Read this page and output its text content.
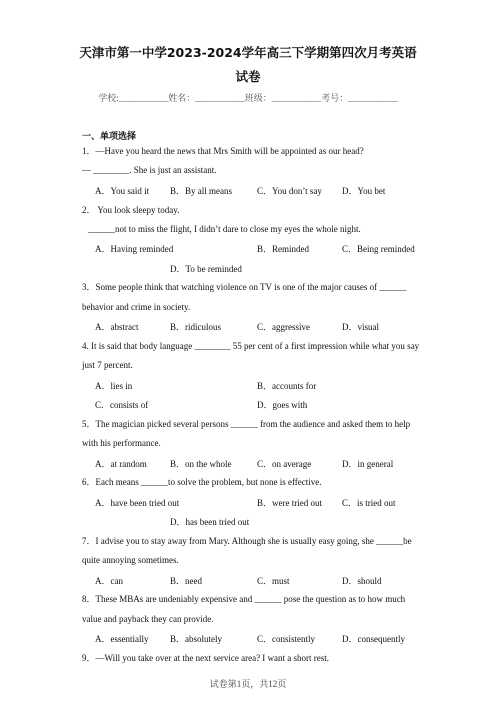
天津市第一中学2023-2024学年高三下学期第四次月考英语
试卷
学校:___________姓名：___________班级：___________考号：___________
一、单项选择
1．—Have you heard the news that Mrs Smith will be appointed as our head?
— ________. She is just an assistant.
A．You said it B．By all means	C．You don’t say D．You bet
2． You look sleepy today.
______not to miss the flight, I didn’t dare to close my eyes the whole night.
A．Having reminded	B．Reminded	C．Being reminded
D．To be reminded
3．Some people think that watching violence on TV is one of the major causes of ______
behavior and crime in society.
A．abstract	B．ridiculous	C．aggressive	D．visual
4. It is said that body language ________ 55 per cent of a first impression while what you say
just 7 percent.
A．lies in	B．accounts for
C．consists of	D．goes with
5．The magician picked several persons ______ from the audience and asked them to help
with his performance.
A．at random	B．on the whole	C．on average	D．in general
6．Each means ______to solve the problem, but none is effective.
A．have been tried out	B．were tried out C．is tried out
D．has been tried out
7．I advise you to stay away from Mary. Although she is usually easy going, she ______be
quite annoying sometimes.
A．can	B．need	C．must	D．should
8．These MBAs are undeniably expensive and ______ pose the question as to how much
value and payback they can provide.
A．essentially B．absolutely	C．consistently	D．consequently
9．—Will you take over at the next service area? I want a short rest.
试卷第1页，共12页
